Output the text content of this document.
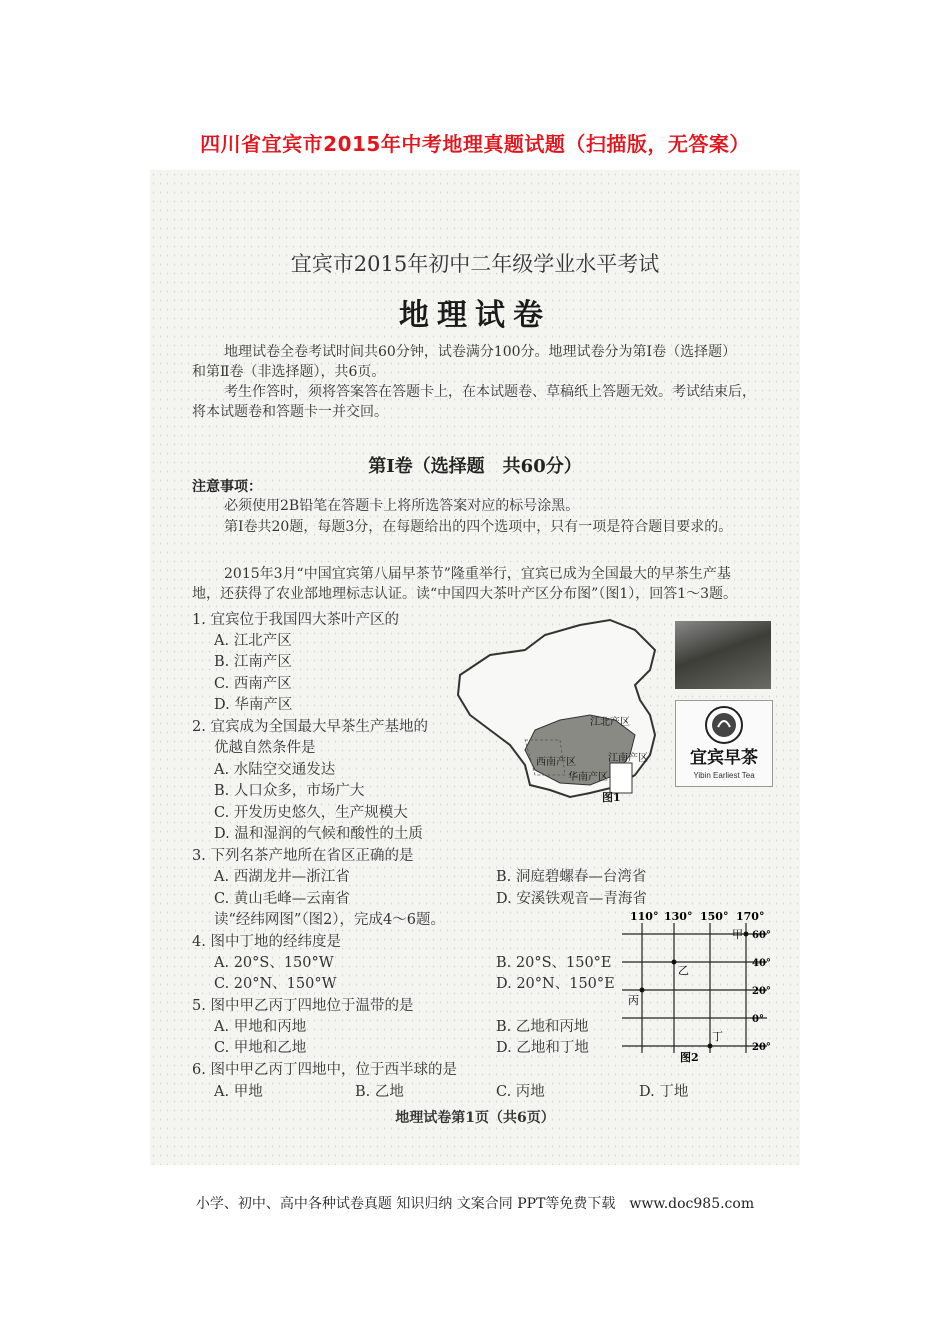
四川省宜宾市2015年中考地理真题试题（扫描版，无答案）
宜宾市2015年初中二年级学业水平考试
地理试卷
地理试卷全卷考试时间共60分钟，试卷满分100分。地理试卷分为第Ⅰ卷（选择题）
和第Ⅱ卷（非选择题），共6页。
考生作答时，须将答案答在答题卡上，在本试题卷、草稿纸上答题无效。考试结束后，
将本试题卷和答题卡一并交回。
第Ⅰ卷（选择题　共60分）
注意事项：
必须使用2B铅笔在答题卡上将所选答案对应的标号涂黑。
第Ⅰ卷共20题，每题3分，在每题给出的四个选项中，只有一项是符合题目要求的。
2015年3月“中国宜宾第八届早茶节”隆重举行，宜宾已成为全国最大的早茶生产基
地，还获得了农业部地理标志认证。读“中国四大茶叶产区分布图”（图1），回答1～3题。
1. 宜宾位于我国四大茶叶产区的
A. 江北产区
B. 江南产区
C. 西南产区
D. 华南产区
2. 宜宾成为全国最大早茶生产基地的
优越自然条件是
A. 水陆空交通发达
B. 人口众多，市场广大
C. 开发历史悠久，生产规模大
D. 温和湿润的气候和酸性的土质
3. 下列名茶产地所在省区正确的是
A. 西湖龙井—浙江省	B. 洞庭碧螺春—台湾省
C. 黄山毛峰—云南省	D. 安溪铁观音—青海省
读“经纬网图”（图2），完成4～6题。
4. 图中丁地的经纬度是
A. 20°S、150°W	B. 20°S、150°E
C. 20°N、150°W	D. 20°N、150°E
5. 图中甲乙丙丁四地位于温带的是
A. 甲地和丙地	B. 乙地和丙地
C. 甲地和乙地	D. 乙地和丁地
6. 图中甲乙丙丁四地中，位于西半球的是
A. 甲地	B. 乙地	C. 丙地	D. 丁地
江北产区
江南产区
西南产区
华南产区
图1
宜宾早茶
Yibin Earliest Tea
110° 130° 150° 170°
60°
40°
20°
0°
20°
甲
乙
丙
丁
图2
地理试卷第1页（共6页）
小学、初中、高中各种试卷真题 知识归纳 文案合同 PPT等免费下载　www.doc985.com
